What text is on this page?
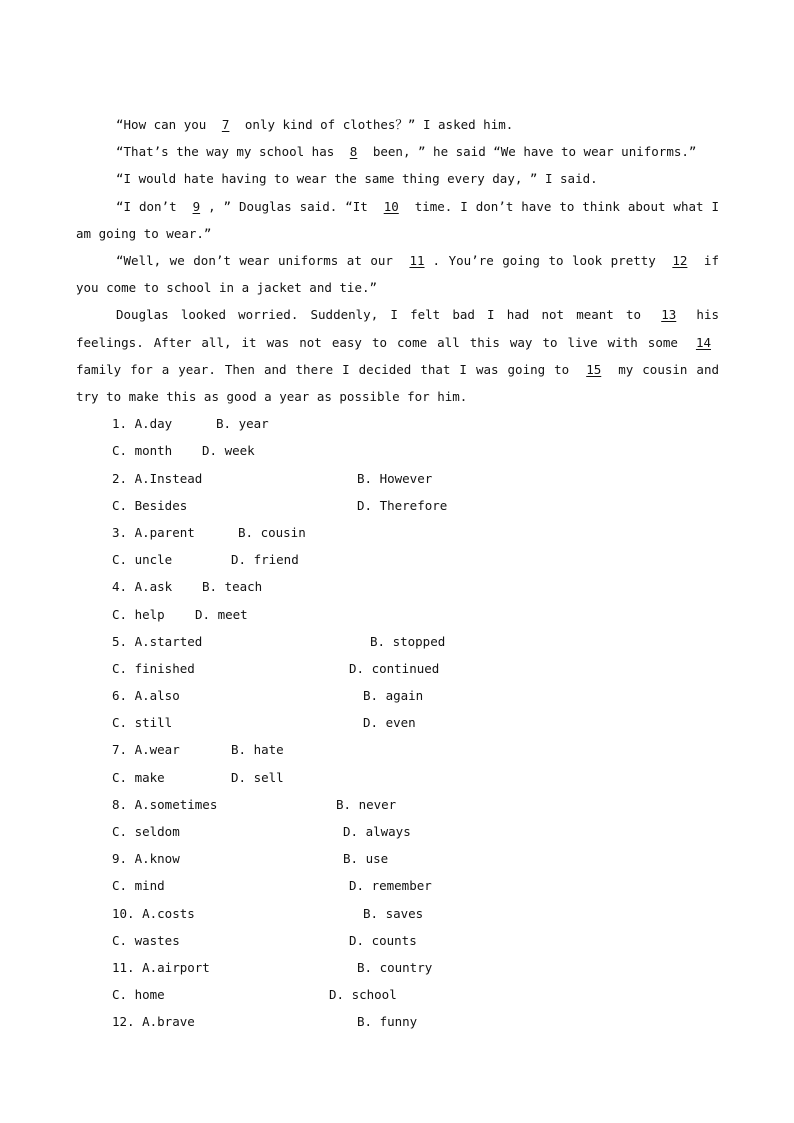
“How can you 7 only kind of clothes？” I asked him.

“That’s the way my school has 8 been, ” he said “We have to wear uniforms.”

“I would hate having to wear the same thing every day, ” I said.

“I don’t 9 , ” Douglas said. “It 10 time. I don’t have to think about what I am going to wear.”

“Well, we don’t wear uniforms at our 11 . You’re going to look pretty 12 if you come to school in a jacket and tie.”

Douglas looked worried. Suddenly, I felt bad I had not meant to 13 his feelings. After all, it was not easy to come all this way to live with some 14 family for a year. Then and there I decided that I was going to 15 my cousin and try to make this as good a year as possible for him.

1. A.day	B. year
C. month D. week
2. A.Instead	B. However
C. Besides	D. Therefore
3. A.parent	B. cousin
C. uncle	D. friend
4. A.ask B. teach
C. help D. meet
5. A.started	B. stopped
C. finished	D. continued
6. A.also	B. again
C. still	D. even
7. A.wear	B. hate
C. make	D. sell
8. A.sometimes	B. never
C. seldom	D. always
9. A.know	B. use
C. mind	D. remember
10. A.costs	B. saves
C. wastes	D. counts
11. A.airport	B. country
C. home	D. school
12. A.brave	B. funny
